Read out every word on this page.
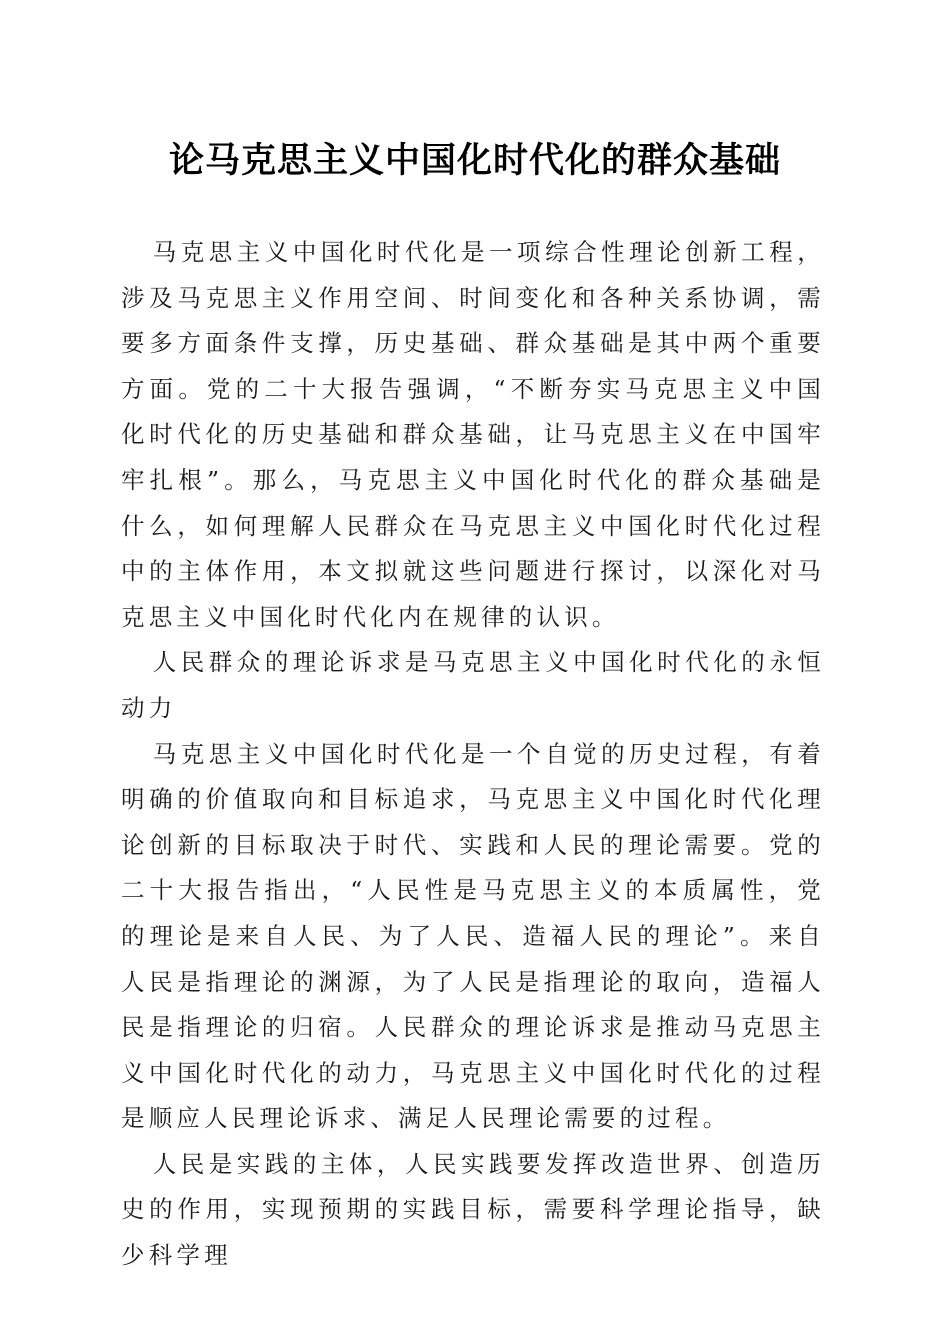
论马克思主义中国化时代化的群众基础

马克思主义中国化时代化是一项综合性理论创新工程，涉及马克思主义作用空间、时间变化和各种关系协调，需要多方面条件支撑，历史基础、群众基础是其中两个重要方面。党的二十大报告强调，“不断夯实马克思主义中国化时代化的历史基础和群众基础，让马克思主义在中国牢牢扎根”。那么，马克思主义中国化时代化的群众基础是什么，如何理解人民群众在马克思主义中国化时代化过程中的主体作用，本文拟就这些问题进行探讨，以深化对马克思主义中国化时代化内在规律的认识。

人民群众的理论诉求是马克思主义中国化时代化的永恒动力

马克思主义中国化时代化是一个自觉的历史过程，有着明确的价值取向和目标追求，马克思主义中国化时代化理论创新的目标取决于时代、实践和人民的理论需要。党的二十大报告指出，“人民性是马克思主义的本质属性，党的理论是来自人民、为了人民、造福人民的理论”。来自人民是指理论的渊源，为了人民是指理论的取向，造福人民是指理论的归宿。人民群众的理论诉求是推动马克思主义中国化时代化的动力，马克思主义中国化时代化的过程是顺应人民理论诉求、满足人民理论需要的过程。

人民是实践的主体，人民实践要发挥改造世界、创造历史的作用，实现预期的实践目标，需要科学理论指导，缺少科学理
